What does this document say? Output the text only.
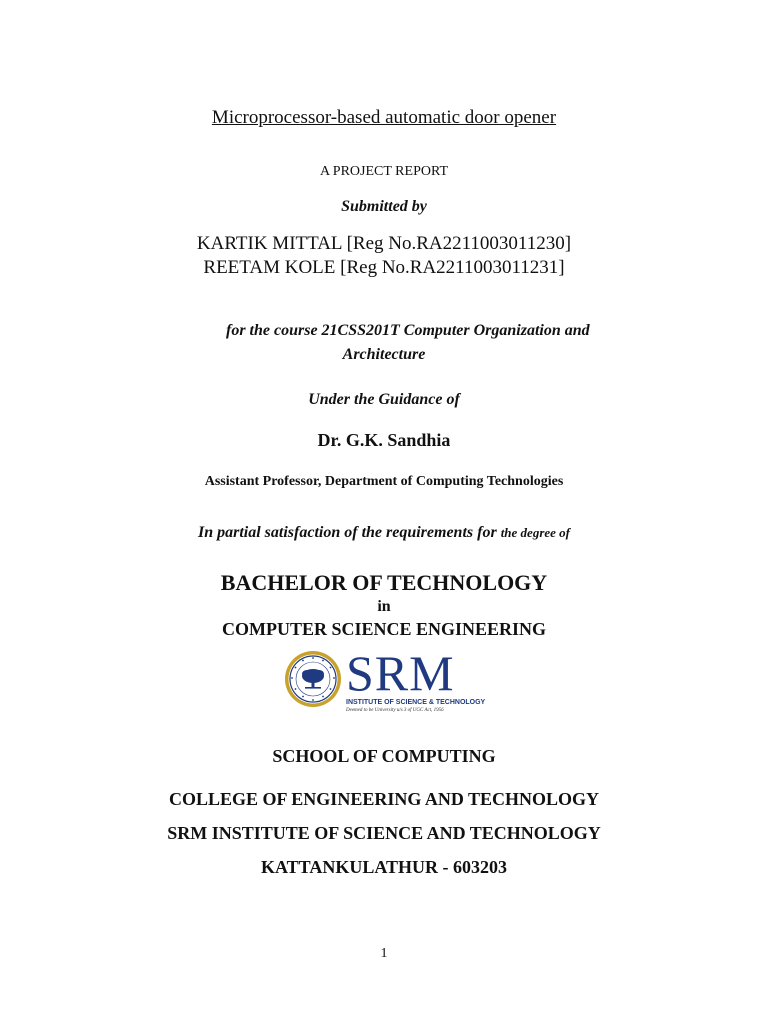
Microprocessor-based automatic door opener
A PROJECT REPORT
Submitted by
KARTIK MITTAL [Reg No.RA2211003011230]
REETAM KOLE [Reg No.RA2211003011231]
for the course 21CSS201T Computer Organization and
Architecture
Under the Guidance of
Dr. G.K. Sandhia
Assistant Professor, Department of Computing Technologies
In partial satisfaction of the requirements for the degree of
BACHELOR OF TECHNOLOGY
in
COMPUTER SCIENCE ENGINEERING
SRM
INSTITUTE OF SCIENCE & TECHNOLOGY
Deemed to be University u/s 3 of UGC Act, 1956
SCHOOL OF COMPUTING
COLLEGE OF ENGINEERING AND TECHNOLOGY
SRM INSTITUTE OF SCIENCE AND TECHNOLOGY
KATTANKULATHUR - 603203
1
